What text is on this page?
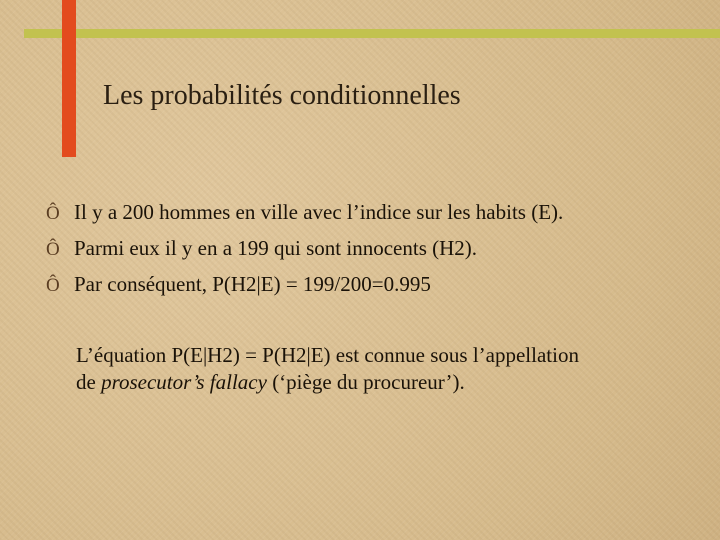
Les probabilités conditionnelles
Ô Il y a 200 hommes en ville avec l’indice sur les habits (E).
Ô Parmi eux il y en a 199 qui sont innocents (H2).
Ô Par conséquent, P(H2|E) = 199/200=0.995
L’équation P(E|H2) = P(H2|E) est connue sous l’appellation
de prosecutor’s fallacy (‘piège du procureur’).
